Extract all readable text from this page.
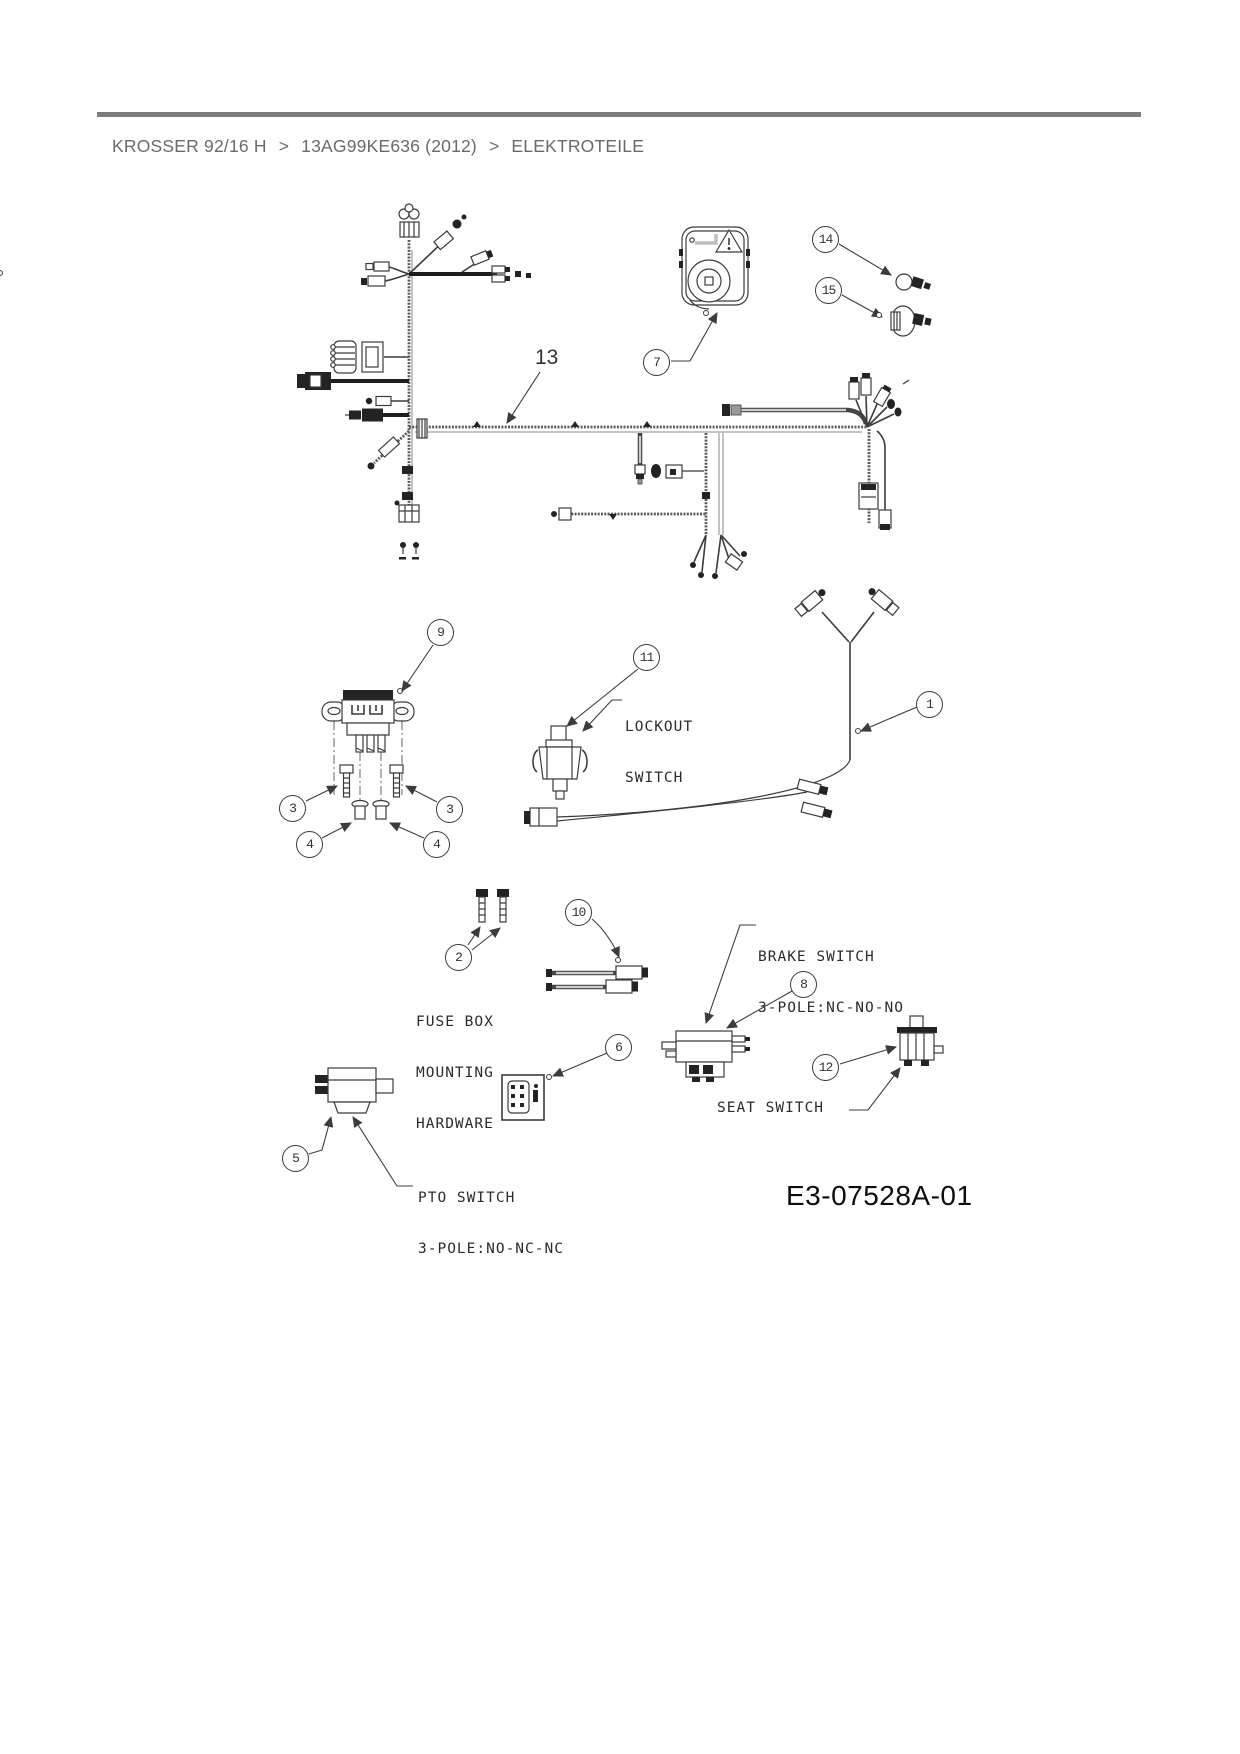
KROSSER 92/16 H > 13AG99KE636 (2012) > ELEKTROTEILE
1
2
3	3
4	4
5
6
7
8
9
10
11
12
14
15
13

LOCKOUT

SWITCH

BRAKE SWITCH

3-POLE:NC-NO-NO

FUSE BOX

MOUNTING

HARDWARE

PTO SWITCH

3-POLE:NO-NC-NC

SEAT SWITCH
E3-07528A-01
